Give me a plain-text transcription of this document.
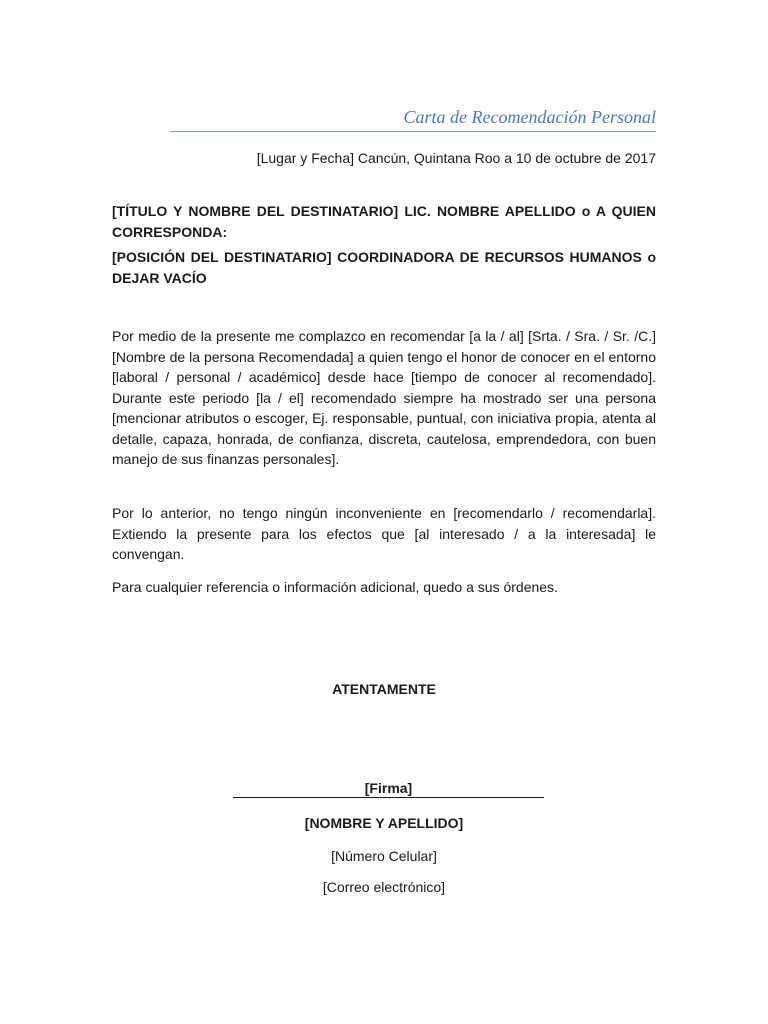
Carta de Recomendación Personal
[Lugar y Fecha] Cancún, Quintana Roo a 10 de octubre de 2017
[TÍTULO Y NOMBRE DEL DESTINATARIO] LIC. NOMBRE APELLIDO o A QUIEN CORRESPONDA:
[POSICIÓN DEL DESTINATARIO] COORDINADORA DE RECURSOS HUMANOS o DEJAR VACÍO
Por medio de la presente me complazco en recomendar [a la / al] [Srta. / Sra. / Sr. /C.] [Nombre de la persona Recomendada] a quien tengo el honor de conocer en el entorno [laboral / personal / académico] desde hace [tiempo de conocer al recomendado]. Durante este periodo [la / el] recomendado siempre ha mostrado ser una persona [mencionar atributos o escoger, Ej. responsable, puntual, con iniciativa propia, atenta al detalle, capaza, honrada, de confianza, discreta, cautelosa, emprendedora, con buen manejo de sus finanzas personales].
Por lo anterior, no tengo ningún inconveniente en [recomendarlo / recomendarla]. Extiendo la presente para los efectos que [al interesado / a la interesada] le convengan.
Para cualquier referencia o información adicional, quedo a sus órdenes.
ATENTAMENTE
[Firma]
[NOMBRE Y APELLIDO]
[Número Celular]
[Correo electrónico]
